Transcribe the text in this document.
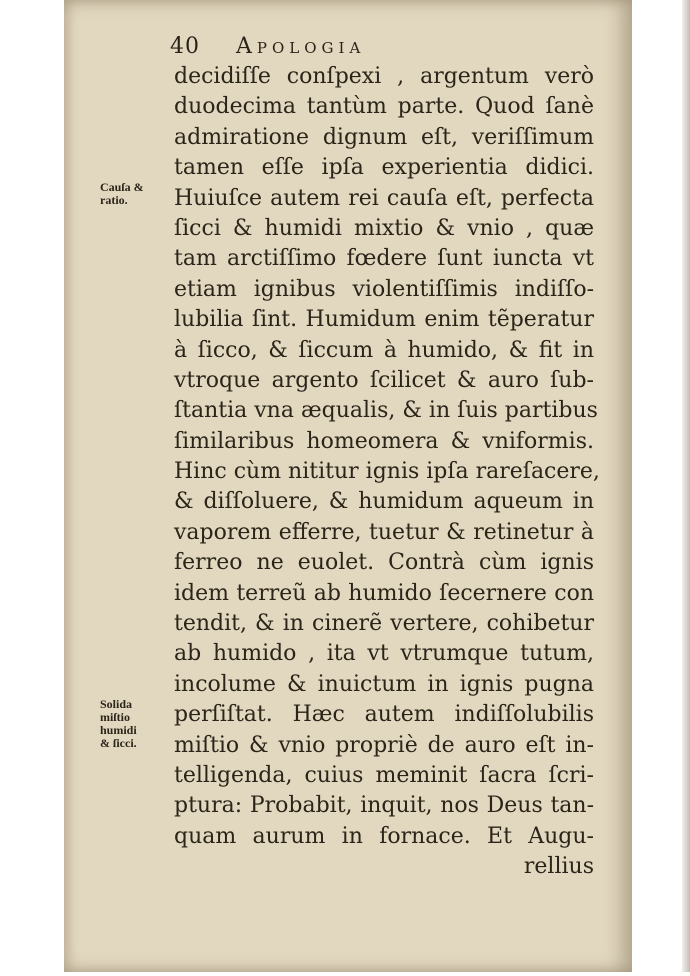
40 Apologia
Cauſa &
ratio.
Solida
miſtio
humidi
& ſicci.
decidiſſe conſpexi , argentum verò
duodecima tantùm parte. Quod ſanè
admiratione dignum eſt, veriſſimum
tamen eſſe ipſa experientia didici.
Huiuſce autem rei cauſa eſt, perfecta
ſicci & humidi mixtio & vnio , quæ
tam arctiſſimo fœdere ſunt iuncta vt
etiam ignibus violentiſſimis indiſſo-
lubilia ſint. Humidum enim tẽperatur
à ſicco, & ſiccum à humido, & fit in
vtroque argento ſcilicet & auro ſub-
ſtantia vna æqualis, & in ſuis partibus
ſimilaribus homeomera & vniformis.
Hinc cùm nititur ignis ipſa rareſacere,
& diſſoluere, & humidum aqueum in
vaporem efferre, tuetur & retinetur à
ferreo ne euolet. Contrà cùm ignis
idem terreũ ab humido ſecernere con
tendit, & in cinerẽ vertere, cohibetur
ab humido , ita vt vtrumque tutum,
incolume & inuictum in ignis pugna
perſiſtat. Hæc autem indiſſolubilis
miſtio & vnio propriè de auro eſt in-
telligenda, cuius meminit ſacra ſcri-
ptura: Probabit, inquit, nos Deus tan-
quam aurum in fornace. Et Augu-
rellius
